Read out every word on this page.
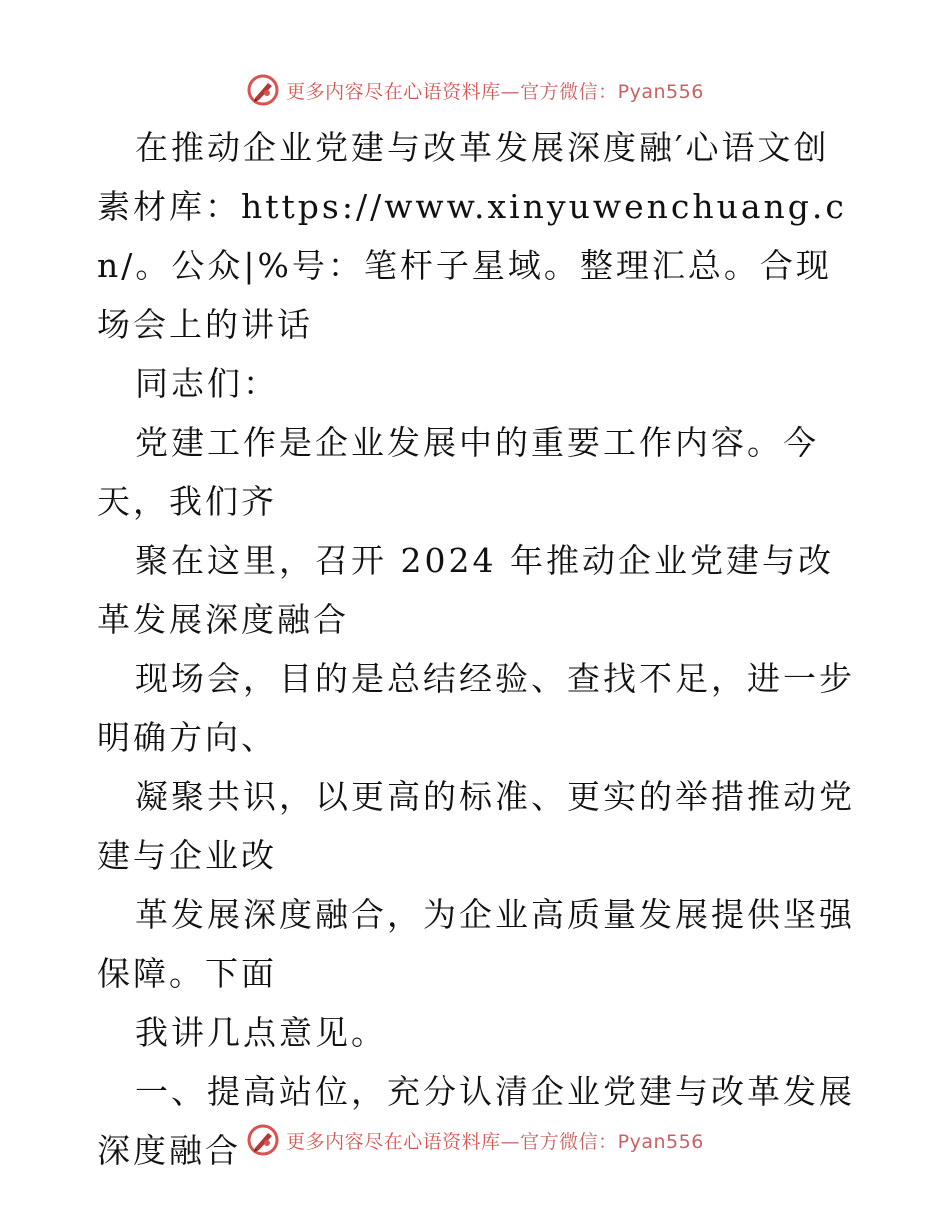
更多内容尽在心语资料库—官方微信：Pyan556

在推动企业党建与改革发展深度融′心语文创素材库：https://www.xinyuwenchuang.cn/。公众|%号：笔杆子星域。整理汇总。合现场会上的讲话

同志们：

党建工作是企业发展中的重要工作内容。今天，我们齐

聚在这里，召开 2024 年推动企业党建与改革发展深度融合

现场会，目的是总结经验、查找不足，进一步明确方向、

凝聚共识，以更高的标准、更实的举措推动党建与企业改

革发展深度融合，为企业高质量发展提供坚强保障。下面

我讲几点意见。

一、提高站位，充分认清企业党建与改革发展深度融合	更多内容尽在心语资料库—官方微信：Pyan556
